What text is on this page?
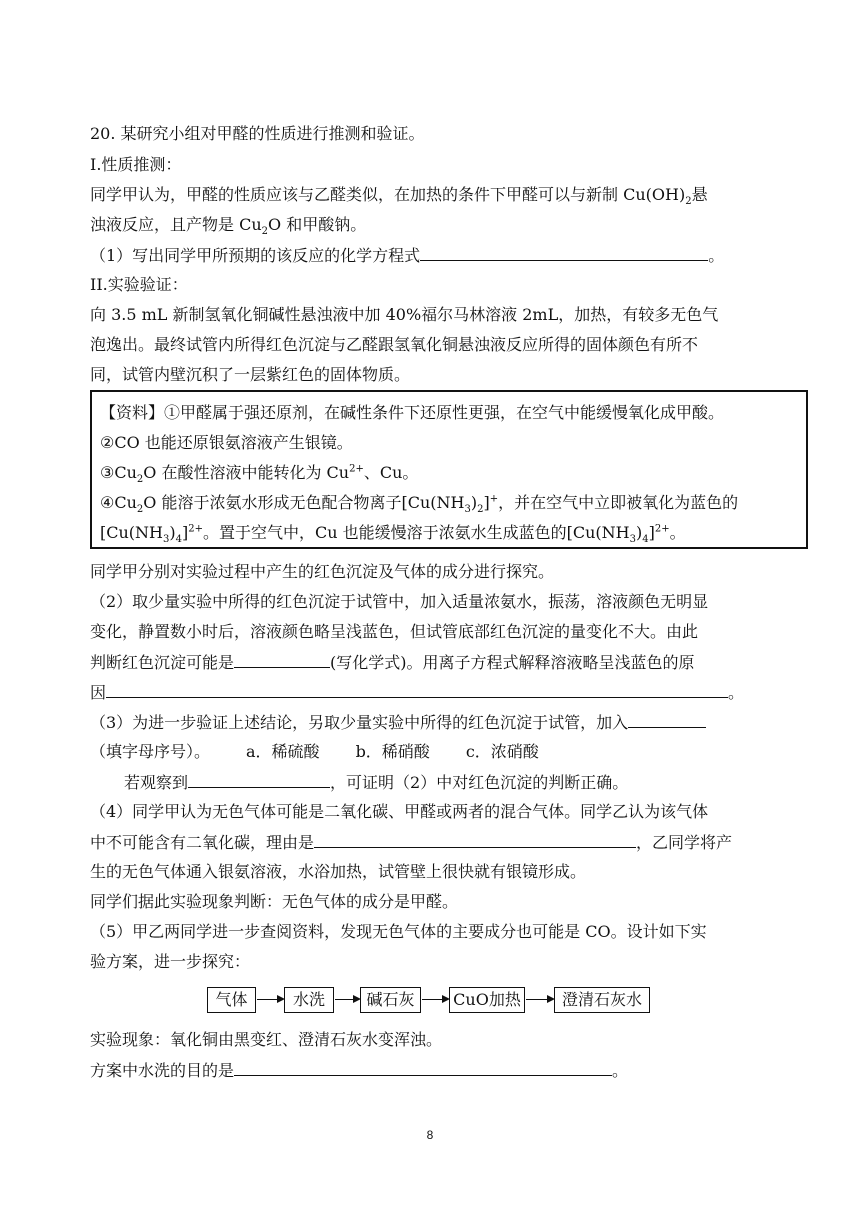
20. 某研究小组对甲醛的性质进行推测和验证。
I.性质推测：
同学甲认为，甲醛的性质应该与乙醛类似，在加热的条件下甲醛可以与新制 $Cu(OH)_2$悬
浊液反应，且产物是 $Cu_2O$ 和甲酸钠。
（1）写出同学甲所预期的该反应的化学方程式	。
II.实验验证：
向 3.5 mL 新制氢氧化铜碱性悬浊液中加 40%福尔马林溶液 2mL，加热，有较多无色气
泡逸出。最终试管内所得红色沉淀与乙醛跟氢氧化铜悬浊液反应所得的固体颜色有所不
同，试管内壁沉积了一层紫红色的固体物质。
【资料】①甲醛属于强还原剂，在碱性条件下还原性更强，在空气中能缓慢氧化成甲酸。
②CO 也能还原银氨溶液产生银镜。
$③Cu_2O$ 在酸性溶液中能转化为 $Cu^{2+}$、Cu。
$④Cu_2O$ 能溶于浓氨水形成无色配合物离子$[Cu(NH_3)_2]^+$，并在空气中立即被氧化为蓝色的
$[Cu(NH_3)_4]^{2+}$。置于空气中，Cu 也能缓慢溶于浓氨水生成蓝色的$[Cu(NH_3)_4]^{2+}$。
同学甲分别对实验过程中产生的红色沉淀及气体的成分进行探究。
（2）取少量实验中所得的红色沉淀于试管中，加入适量浓氨水，振荡，溶液颜色无明显
变化，静置数小时后，溶液颜色略呈浅蓝色，但试管底部红色沉淀的量变化不大。由此
判断红色沉淀可能是	(写化学式)。用离子方程式解释溶液略呈浅蓝色的原
因	。
（3）为进一步验证上述结论，另取少量实验中所得的红色沉淀于试管，加入
（填字母序号）。 a．稀硫酸 b．稀硝酸 c．浓硝酸
若观察到	，可证明（2）中对红色沉淀的判断正确。
（4）同学甲认为无色气体可能是二氧化碳、甲醛或两者的混合气体。同学乙认为该气体
中不可能含有二氧化碳，理由是	，乙同学将产
生的无色气体通入银氨溶液，水浴加热，试管壁上很快就有银镜形成。
同学们据此实验现象判断：无色气体的成分是甲醛。
（5）甲乙两同学进一步查阅资料，发现无色气体的主要成分也可能是 CO。设计如下实
验方案，进一步探究：
气体	水洗	碱石灰	CuO加热	澄清石灰水
实验现象：氧化铜由黑变红、澄清石灰水变浑浊。
方案中水洗的目的是	。
8
